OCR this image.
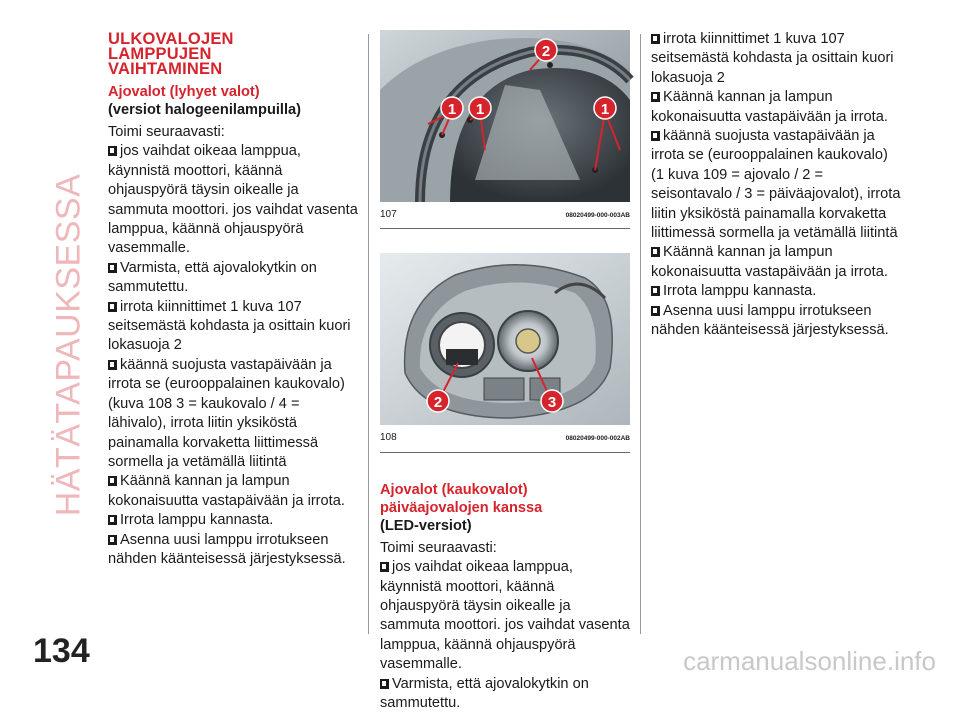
HÄTÄTAPAUKSESSA
134	carmanualsonline.info
ULKOVALOJEN
LAMPPUJEN
VAIHTAMINEN
Ajovalot (lyhyet valot)
(versiot halogeenilampuilla)
Toimi seuraavasti:
jos vaihdat oikeaa lamppua, käynnistä moottori, käännä ohjauspyörä täysin oikealle ja sammuta moottori. jos vaihdat vasenta lamppua, käännä ohjauspyörä vasemmalle.
Varmista, että ajovalokytkin on sammutettu.
irrota kiinnittimet 1 kuva 107 seitsemästä kohdasta ja osittain kuori lokasuoja 2
käännä suojusta vastapäivään ja irrota se (eurooppalainen kaukovalo) (kuva 108 3 = kaukovalo / 4 = lähivalo), irrota liitin yksiköstä painamalla korvaketta liittimessä sormella ja vetämällä liitintä
Käännä kannan ja lampun kokonaisuutta vastapäivään ja irrota.
Irrota lamppu kannasta.
Asenna uusi lamppu irrotukseen nähden käänteisessä järjestyksessä.
1 1	1
2
107	08020499-000-003AB
2	3
108	08020499-000-002AB
Ajovalot (kaukovalot)
päiväajovalojen kanssa
(LED-versiot)
Toimi seuraavasti:
jos vaihdat oikeaa lamppua, käynnistä moottori, käännä ohjauspyörä täysin oikealle ja sammuta moottori. jos vaihdat vasenta lamppua, käännä ohjauspyörä vasemmalle.
Varmista, että ajovalokytkin on sammutettu.
irrota kiinnittimet 1 kuva 107 seitsemästä kohdasta ja osittain kuori lokasuoja 2
Käännä kannan ja lampun kokonaisuutta vastapäivään ja irrota.
käännä suojusta vastapäivään ja irrota se (eurooppalainen kaukovalo) (1 kuva 109 = ajovalo / 2 = seisontavalo / 3 = päiväajovalot), irrota liitin yksiköstä painamalla korvaketta liittimessä sormella ja vetämällä liitintä
Käännä kannan ja lampun kokonaisuutta vastapäivään ja irrota.
Irrota lamppu kannasta.
Asenna uusi lamppu irrotukseen nähden käänteisessä järjestyksessä.
